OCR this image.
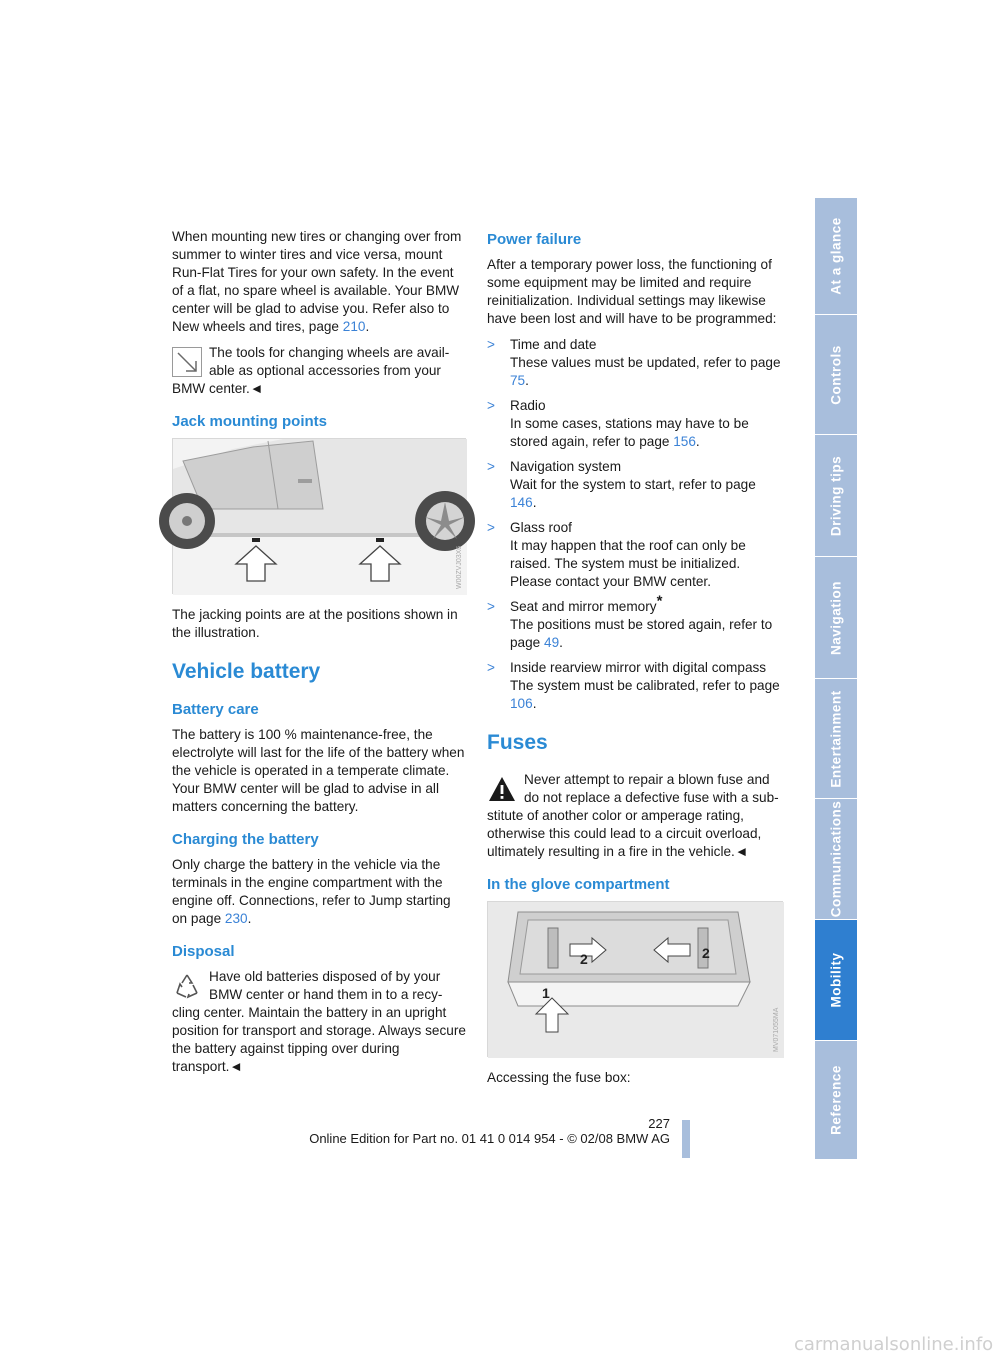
When mounting new tires or changing over from summer to winter tires and vice versa, mount Run-Flat Tires for your own safety. In the event of a flat, no spare wheel is available. Your BMW center will be glad to advise you. Refer also to New wheels and tires, page 210.

The tools for changing wheels are avail-
able as optional accessories from your
BMW center.◄

Jack mounting points
W00ZVJ03X6

The jacking points are at the positions shown in the illustration.

Vehicle battery
Battery care

The battery is 100 % maintenance-free, the electrolyte will last for the life of the battery when the vehicle is operated in a temperate climate. Your BMW center will be glad to advise in all matters concerning the battery.

Charging the battery

Only charge the battery in the vehicle via the terminals in the engine compartment with the engine off. Connections, refer to Jump starting on page 230.

Disposal

Have old batteries disposed of by your
BMW center or hand them in to a recy-
cling center. Maintain the battery in an upright position for transport and storage. Always secure the battery against tipping over during transport.◄

Power failure

After a temporary power loss, the functioning of some equipment may be limited and require reinitialization. Individual settings may likewise have been lost and will have to be programmed:

> Time and date
These values must be updated, refer to page 75.
> Radio
In some cases, stations may have to be stored again, refer to page 156.
> Navigation system
Wait for the system to start, refer to page 146.
> Glass roof
It may happen that the roof can only be raised. The system must be initialized. Please contact your BMW center.
> Seat and mirror memory*
The positions must be stored again, refer to page 49.
> Inside rearview mirror with digital compass
The system must be calibrated, refer to page 106.
Fuses

Never attempt to repair a blown fuse and
do not replace a defective fuse with a sub-
stitute of another color or amperage rating, otherwise this could lead to a circuit overload, ultimately resulting in a fire in the vehicle.◄

In the glove compartment
2	2
1
MV071055MA

Accessing the fuse box:

At a glance
Controls
Driving tips
Navigation
Entertainment
Communications
Mobility
Reference
227
Online Edition for Part no. 01 41 0 014 954 - © 02/08 BMW AG
carmanualsonline.info
